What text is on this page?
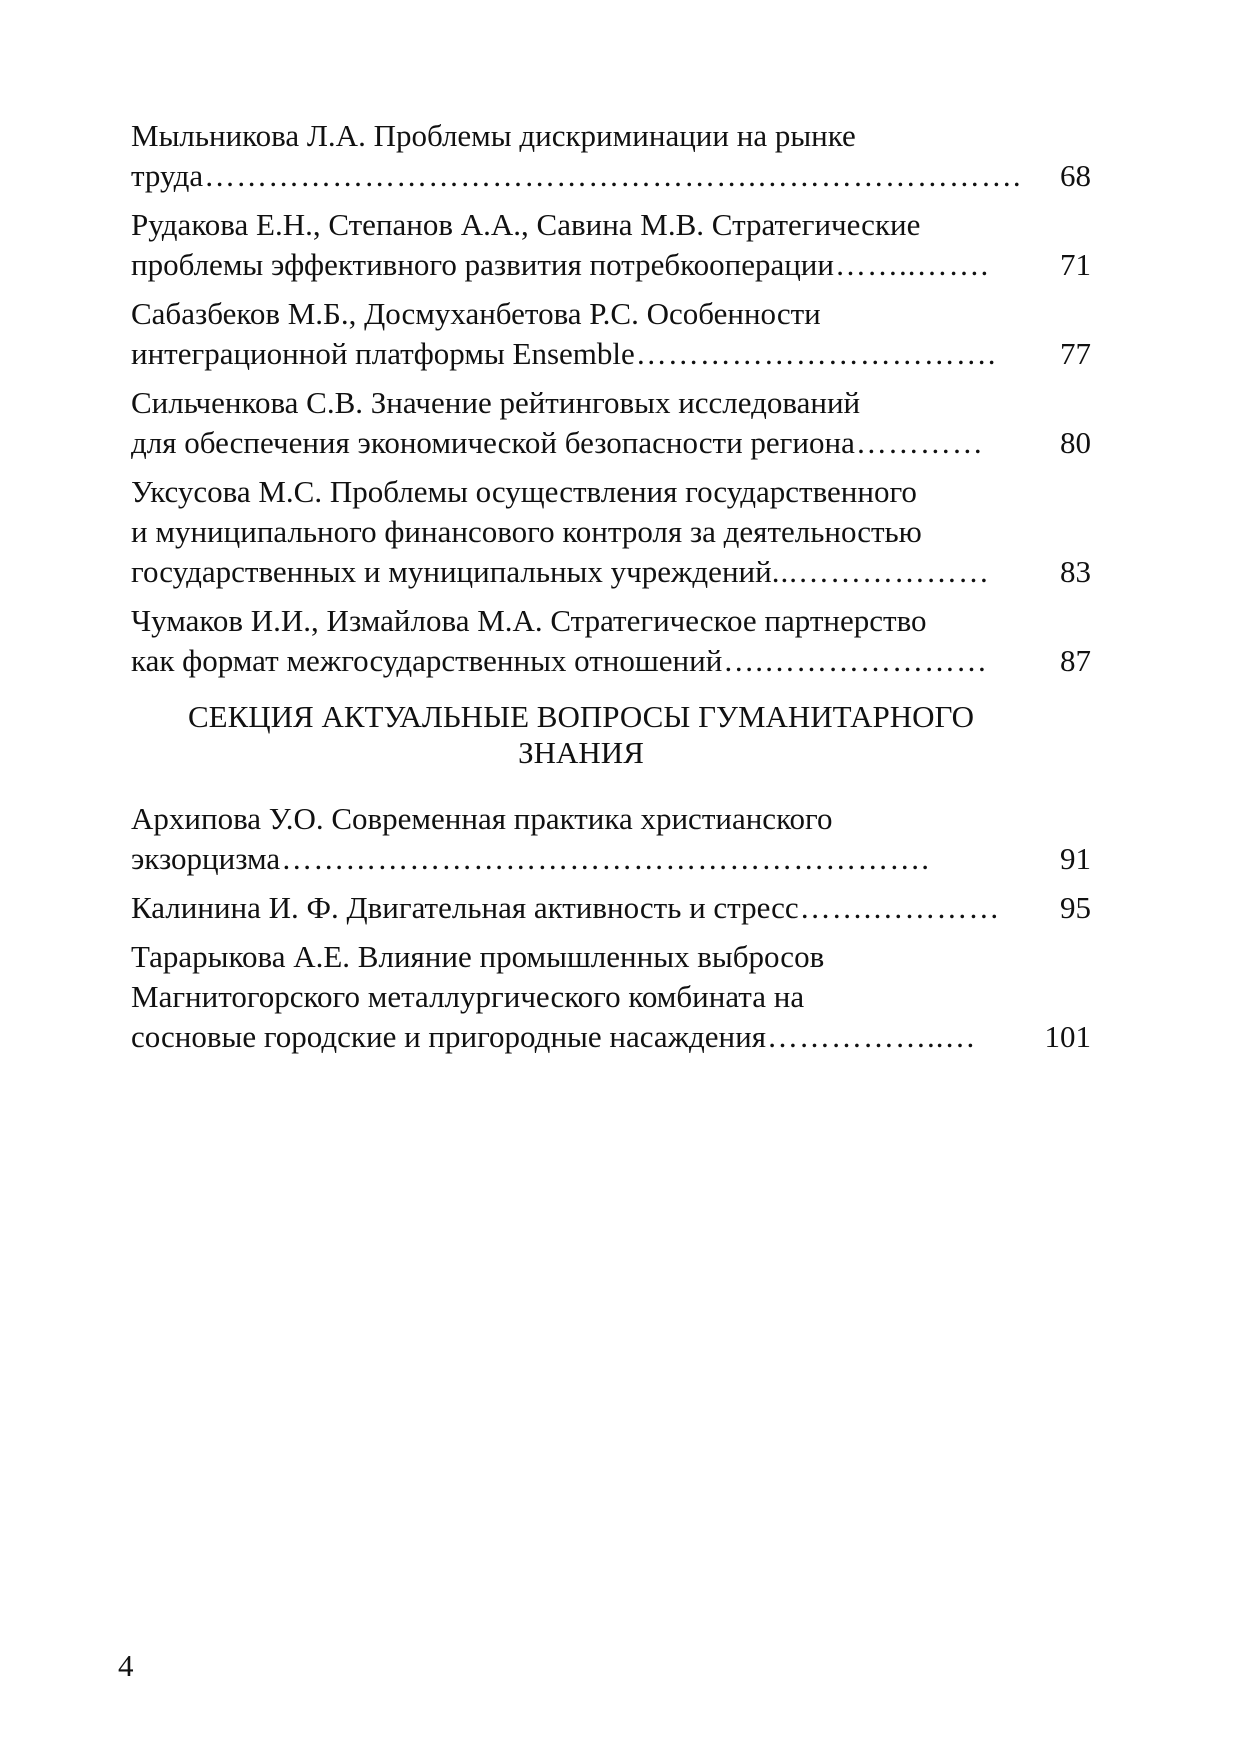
Мыльникова Л.А. Проблемы дискриминации на рынке
труда …………………………………………….…………………….	68
Рудакова Е.Н., Степанов А.А., Савина М.В. Стратегические
проблемы эффективного развития потребкооперации ……..…….	71
Сабазбеков М.Б., Досмуханбетова Р.С. Особенности
интеграционной платформы Ensemble …………………………….	77
Сильченкова С.В. Значение рейтинговых исследований
для обеспечения экономической безопасности региона …………	80
Уксусова М.С. Проблемы осуществления государственного
и муниципального финансового контроля за деятельностью
государственных и муниципальных учреждений. ..………………	83
Чумаков И.И., Измайлова М.А. Стратегическое партнерство
как формат межгосударственных отношений ….…………………	87
СЕКЦИЯ АКТУАЛЬНЫЕ ВОПРОСЫ ГУМАНИТАРНОГО
ЗНАНИЯ
Архипова У.О. Современная практика христианского
экзорцизма …………………………………………………….	91
Калинина И. Ф. Двигательная активность и стресс …….…………	95
Тарарыкова А.Е. Влияние промышленных выбросов
Магнитогорского металлургического комбината на
сосновые городские и пригородные насаждения ……………..…	101
4
